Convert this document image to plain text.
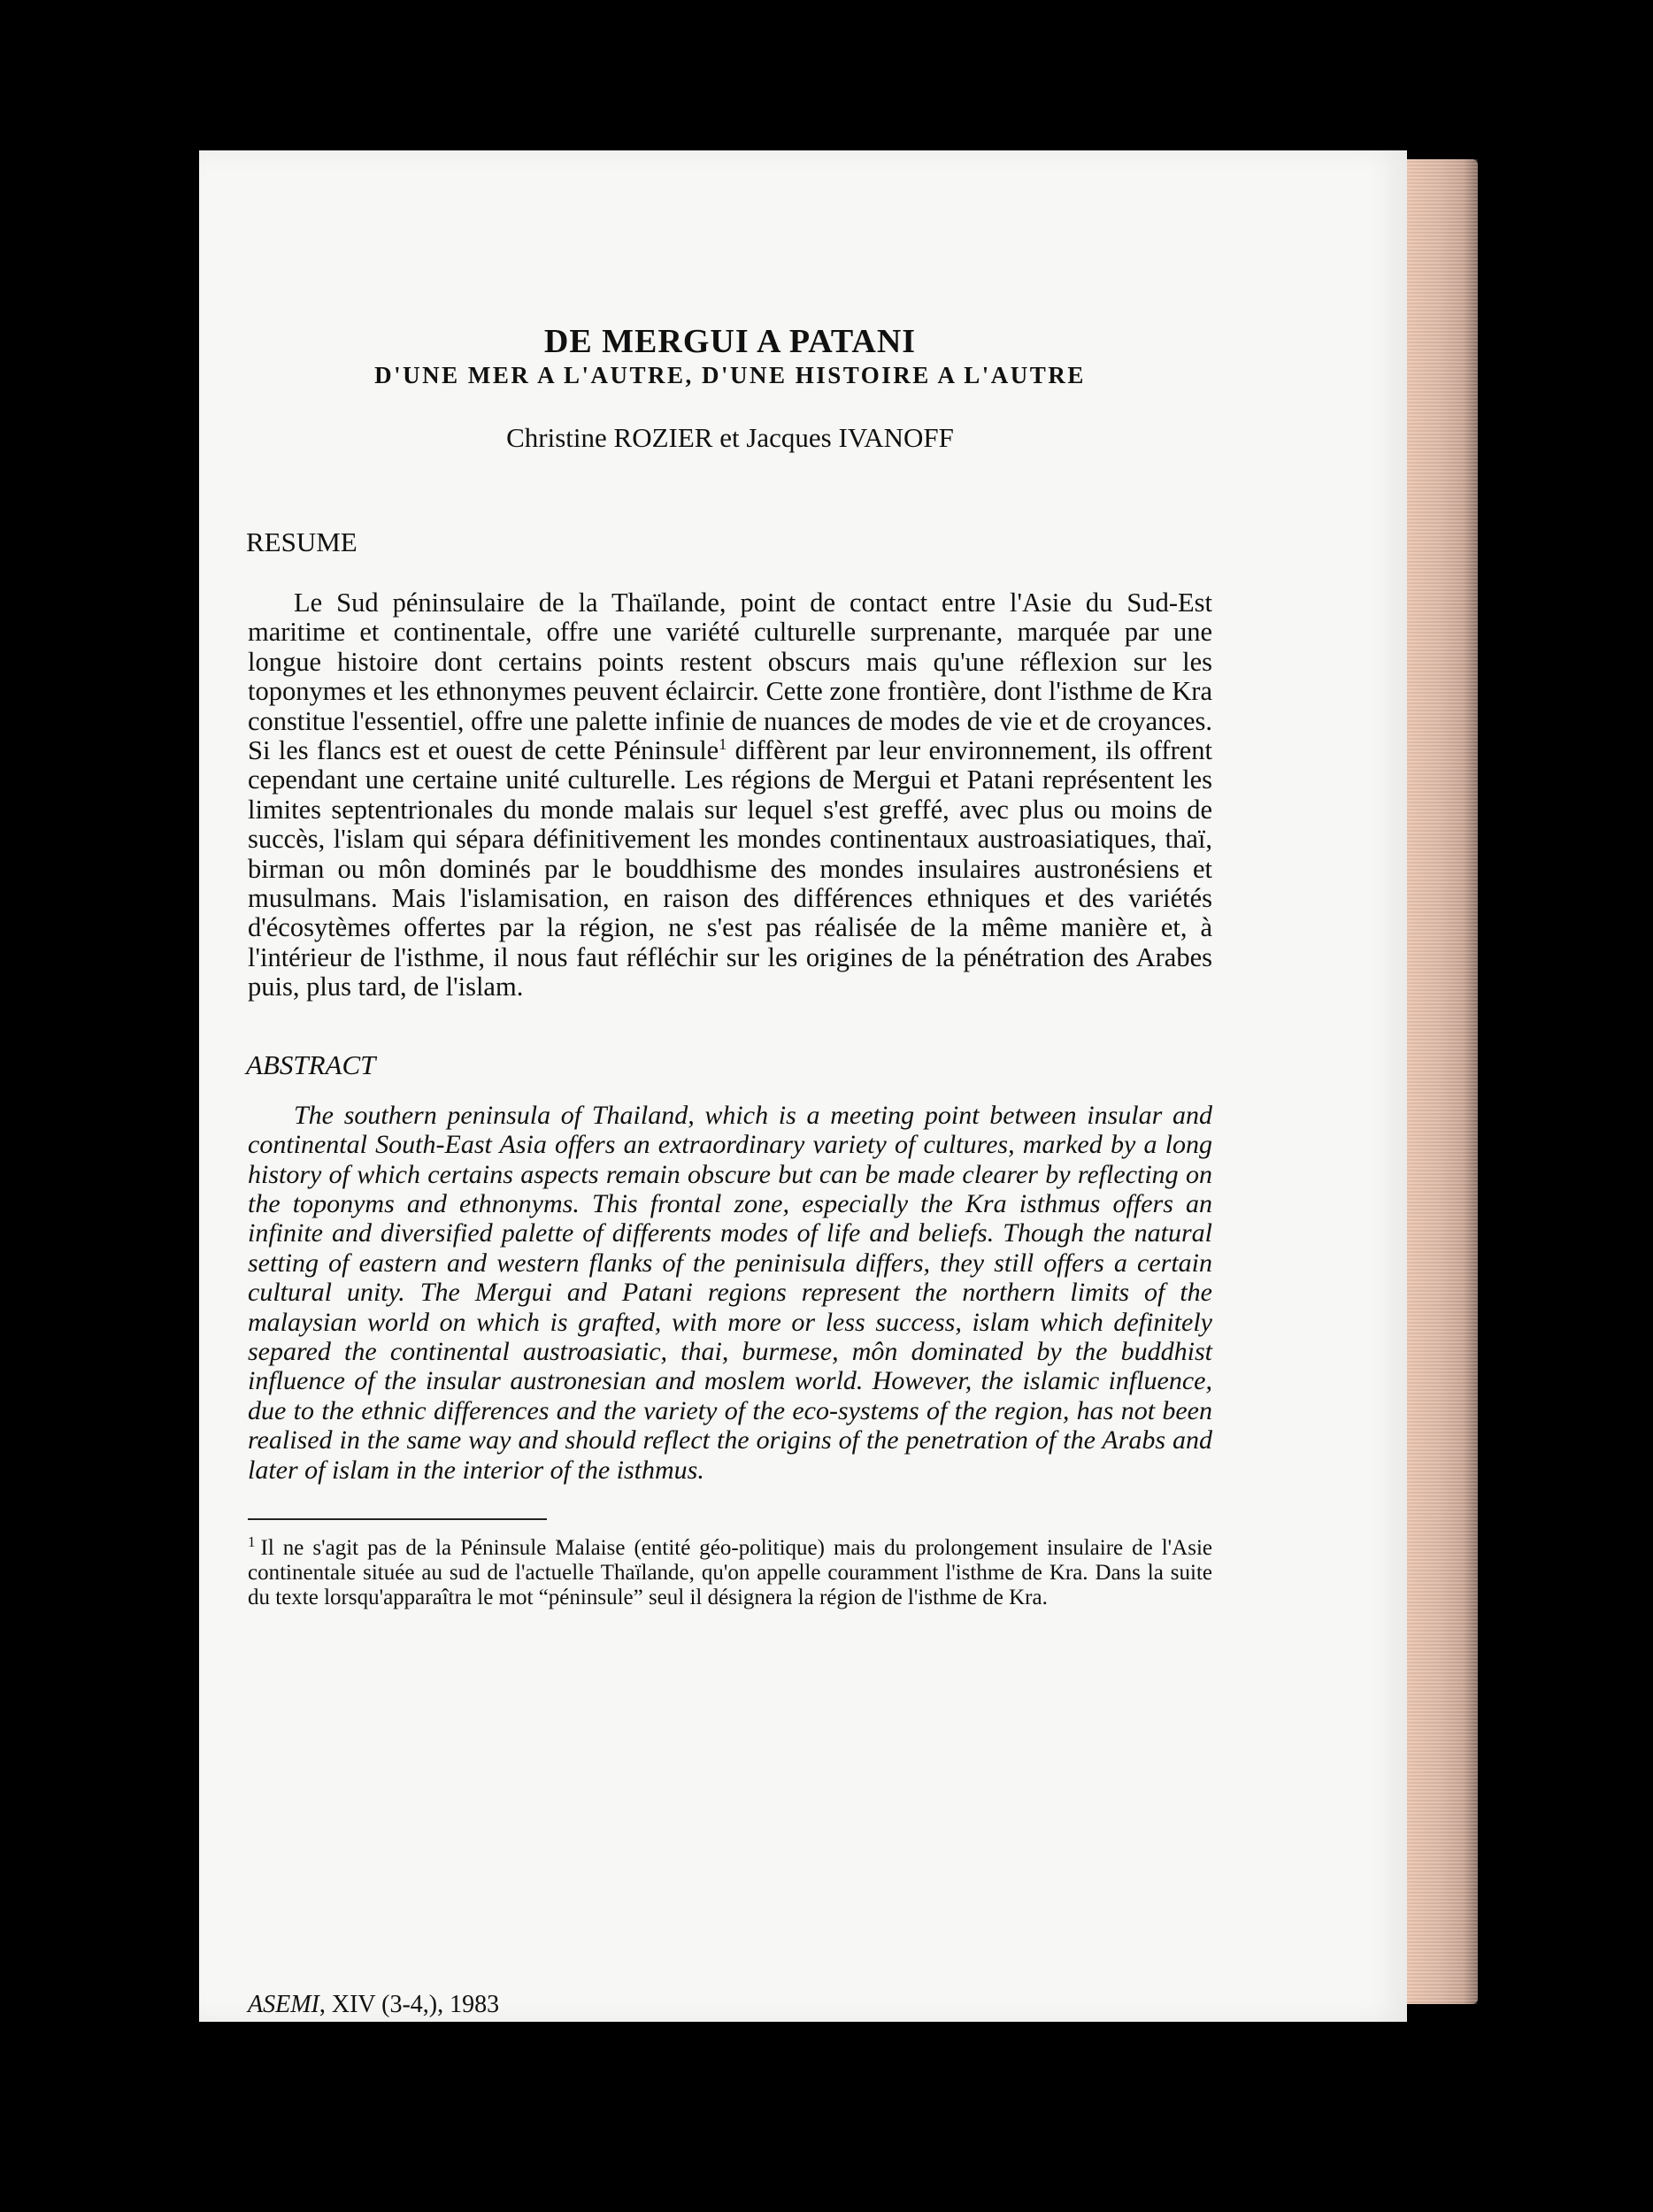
DE MERGUI A PATANI
D'UNE MER A L'AUTRE, D'UNE HISTOIRE A L'AUTRE

Christine ROZIER et Jacques IVANOFF

RESUME

Le Sud péninsulaire de la Thaïlande, point de contact entre l'Asie du Sud-Est maritime et continentale, offre une variété culturelle surprenante, marquée par une longue histoire dont certains points restent obscurs mais qu'une réflexion sur les toponymes et les ethnonymes peuvent éclaircir. Cette zone frontière, dont l'isthme de Kra constitue l'essentiel, offre une palette infinie de nuances de modes de vie et de croyances. Si les flancs est et ouest de cette Péninsule$^1$ diffèrent par leur environnement, ils offrent cependant une certaine unité culturelle. Les régions de Mergui et Patani représentent les limites septentrionales du monde malais sur lequel s'est greffé, avec plus ou moins de succès, l'islam qui sépara définitivement les mondes continentaux austroasiatiques, thaï, birman ou môn dominés par le bouddhisme des mondes insulaires austronésiens et musulmans. Mais l'islamisation, en raison des différences ethniques et des variétés d'écosytèmes offertes par la région, ne s'est pas réalisée de la même manière et, à l'intérieur de l'isthme, il nous faut réfléchir sur les origines de la pénétration des Arabes puis, plus tard, de l'islam.

ABSTRACT

The southern peninsula of Thailand, which is a meeting point between insular and continental South-East Asia offers an extraordinary variety of cultures, marked by a long history of which certains aspects remain obscure but can be made clearer by reflecting on the toponyms and ethnonyms. This frontal zone, especially the Kra isthmus offers an infinite and diversified palette of differents modes of life and beliefs. Though the natural setting of eastern and western flanks of the peninisula differs, they still offers a certain cultural unity. The Mergui and Patani regions represent the northern limits of the malaysian world on which is grafted, with more or less success, islam which definitely separed the continental austroasiatic, thai, burmese, môn dominated by the buddhist influence of the insular austronesian and moslem world. However, the islamic influence, due to the ethnic differences and the variety of the eco-systems of the region, has not been realised in the same way and should reflect the origins of the penetration of the Arabs and later of islam in the interior of the isthmus.

$^1$ Il ne s'agit pas de la Péninsule Malaise (entité géo-politique) mais du prolongement insulaire de l'Asie continentale située au sud de l'actuelle Thaïlande, qu'on appelle couramment l'isthme de Kra. Dans la suite du texte lorsqu'apparaîtra le mot “péninsule” seul il désignera la région de l'isthme de Kra.

ASEMI, XIV (3-4,), 1983
